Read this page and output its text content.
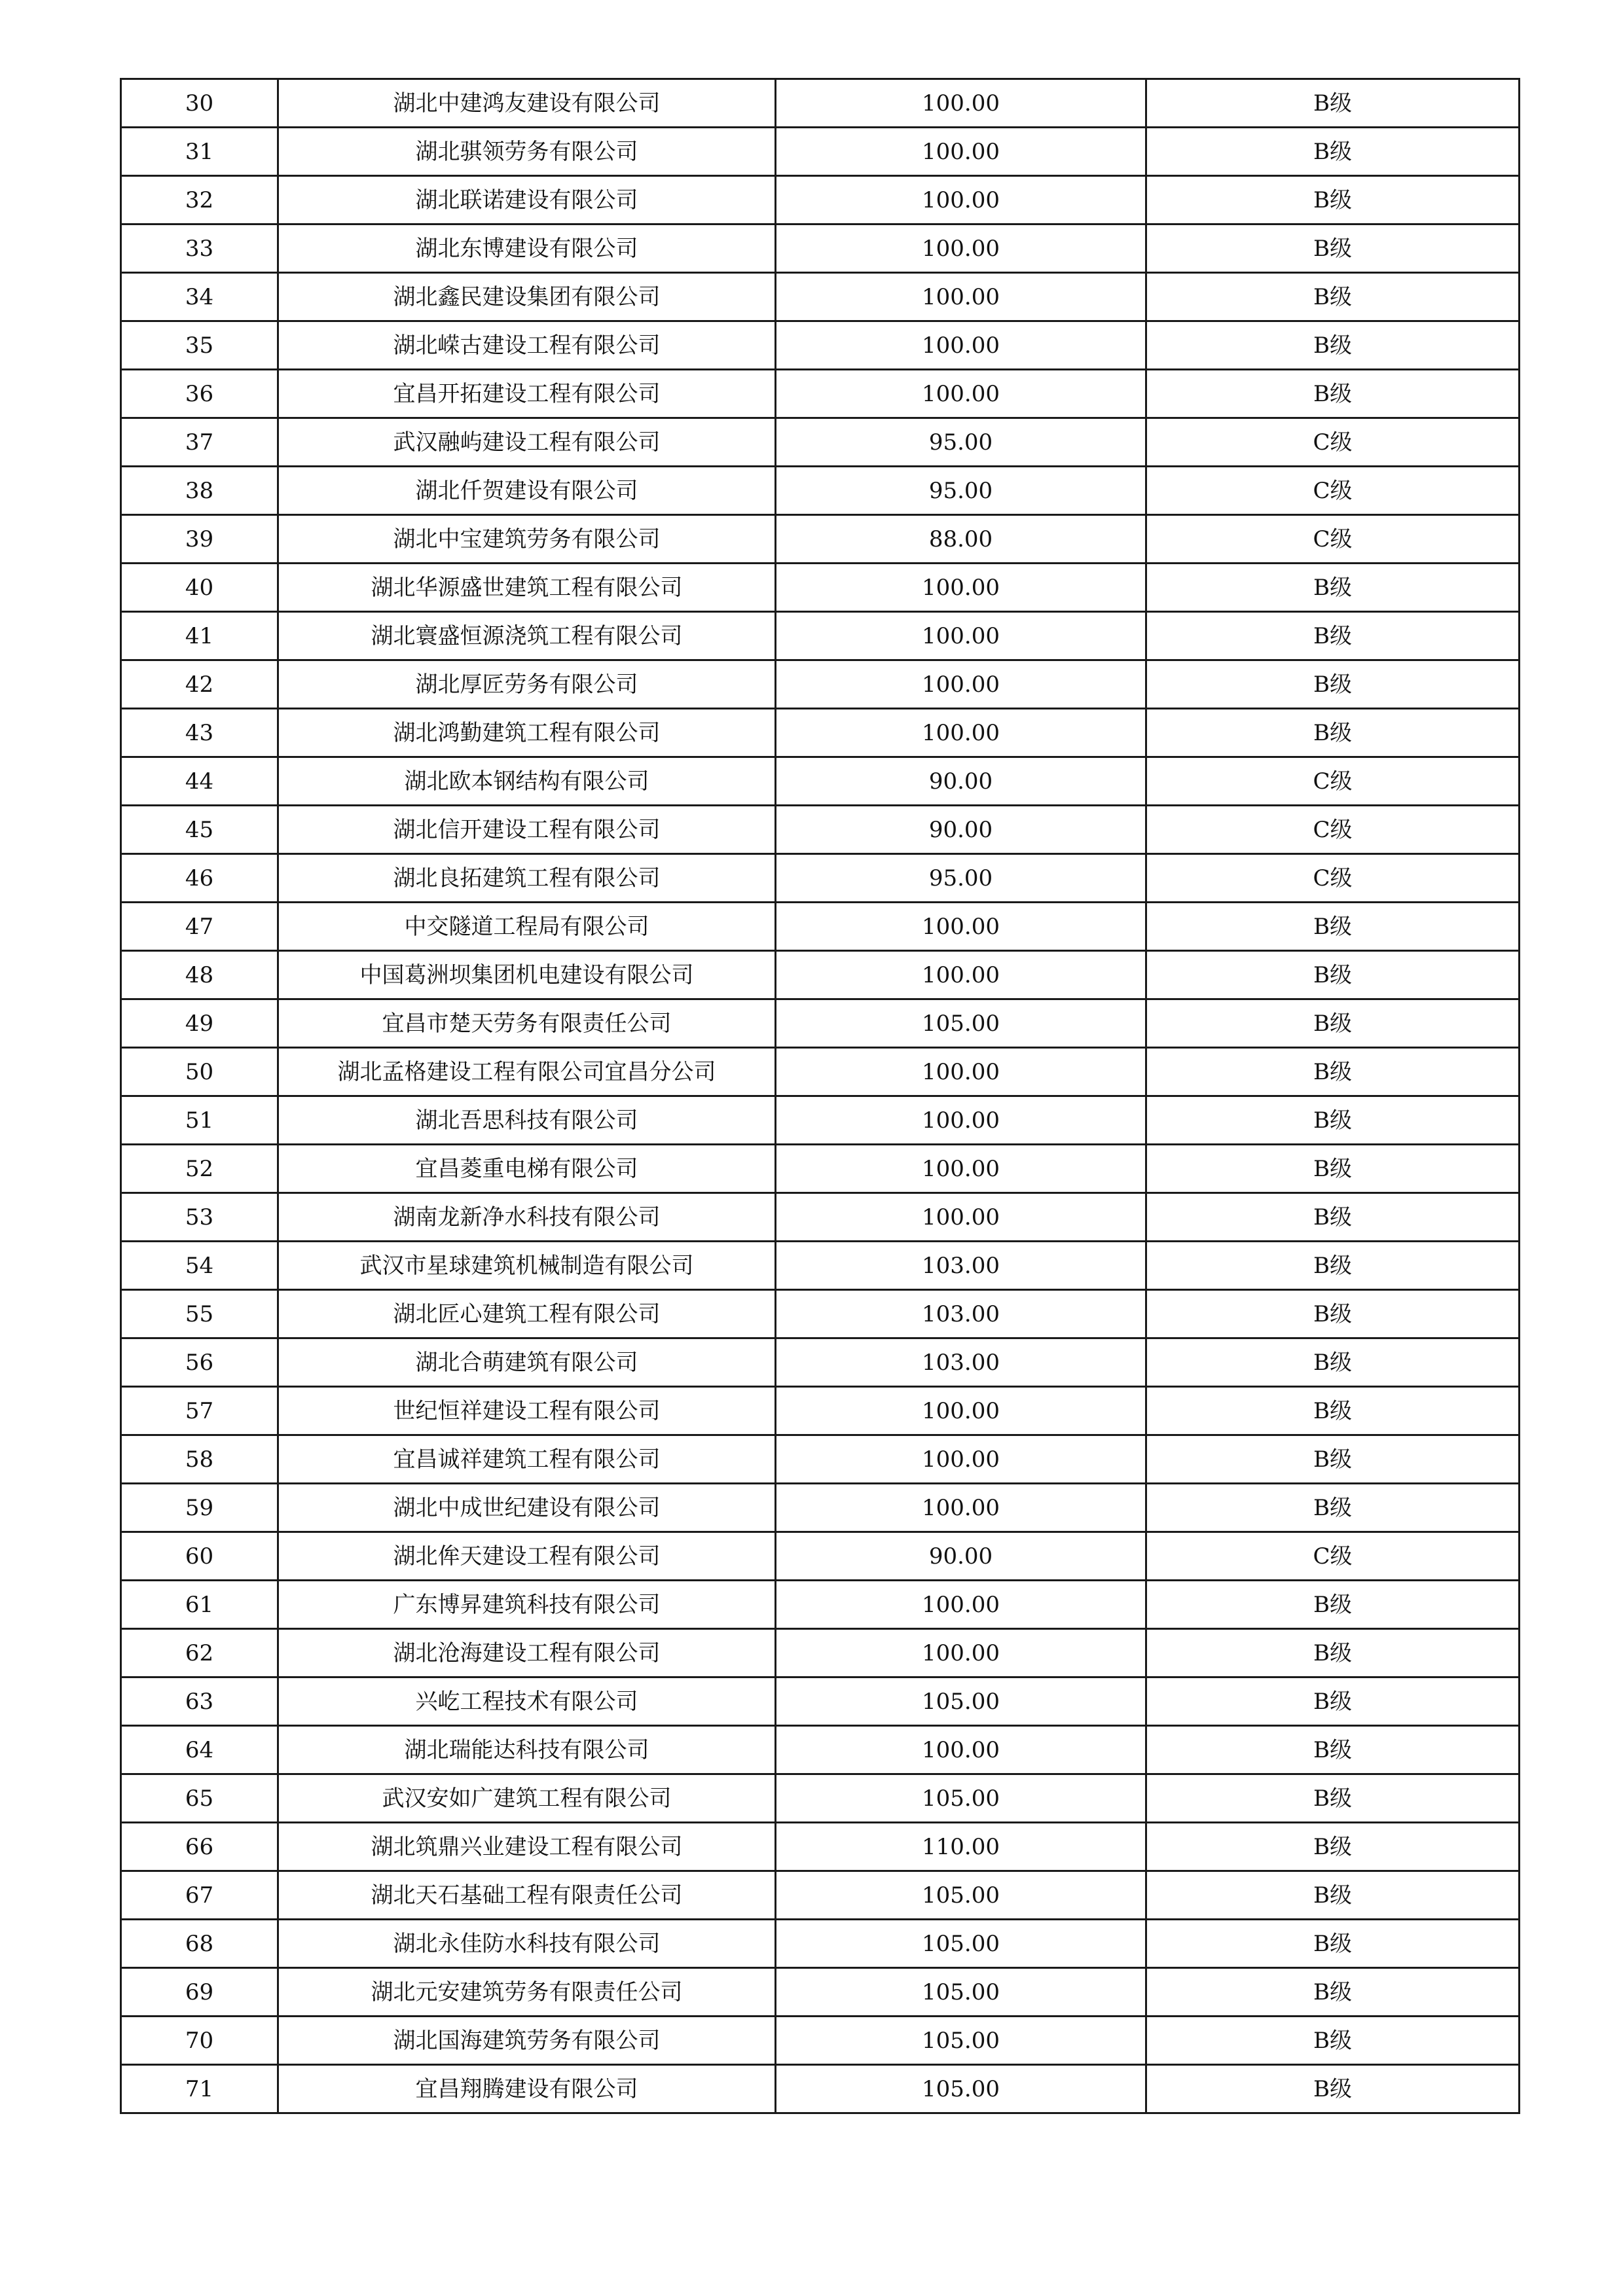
30	湖北中建鸿友建设有限公司	100.00	B级
31	湖北骐领劳务有限公司	100.00	B级
32	湖北联诺建设有限公司	100.00	B级
33	湖北东博建设有限公司	100.00	B级
34	湖北鑫民建设集团有限公司	100.00	B级
35	湖北嵘古建设工程有限公司	100.00	B级
36	宜昌开拓建设工程有限公司	100.00	B级
37	武汉融屿建设工程有限公司	95.00	C级
38	湖北仟贺建设有限公司	95.00	C级
39	湖北中宝建筑劳务有限公司	88.00	C级
40	湖北华源盛世建筑工程有限公司	100.00	B级
41	湖北寰盛恒源浇筑工程有限公司	100.00	B级
42	湖北厚匠劳务有限公司	100.00	B级
43	湖北鸿勤建筑工程有限公司	100.00	B级
44	湖北欧本钢结构有限公司	90.00	C级
45	湖北信开建设工程有限公司	90.00	C级
46	湖北良拓建筑工程有限公司	95.00	C级
47	中交隧道工程局有限公司	100.00	B级
48	中国葛洲坝集团机电建设有限公司	100.00	B级
49	宜昌市楚天劳务有限责任公司	105.00	B级
50	湖北孟格建设工程有限公司宜昌分公司	100.00	B级
51	湖北吾思科技有限公司	100.00	B级
52	宜昌菱重电梯有限公司	100.00	B级
53	湖南龙新净水科技有限公司	100.00	B级
54	武汉市星球建筑机械制造有限公司	103.00	B级
55	湖北匠心建筑工程有限公司	103.00	B级
56	湖北合萌建筑有限公司	103.00	B级
57	世纪恒祥建设工程有限公司	100.00	B级
58	宜昌诚祥建筑工程有限公司	100.00	B级
59	湖北中成世纪建设有限公司	100.00	B级
60	湖北侔天建设工程有限公司	90.00	C级
61	广东博昇建筑科技有限公司	100.00	B级
62	湖北沧海建设工程有限公司	100.00	B级
63	兴屹工程技术有限公司	105.00	B级
64	湖北瑞能达科技有限公司	100.00	B级
65	武汉安如广建筑工程有限公司	105.00	B级
66	湖北筑鼎兴业建设工程有限公司	110.00	B级
67	湖北天石基础工程有限责任公司	105.00	B级
68	湖北永佳防水科技有限公司	105.00	B级
69	湖北元安建筑劳务有限责任公司	105.00	B级
70	湖北国海建筑劳务有限公司	105.00	B级
71	宜昌翔腾建设有限公司	105.00	B级
